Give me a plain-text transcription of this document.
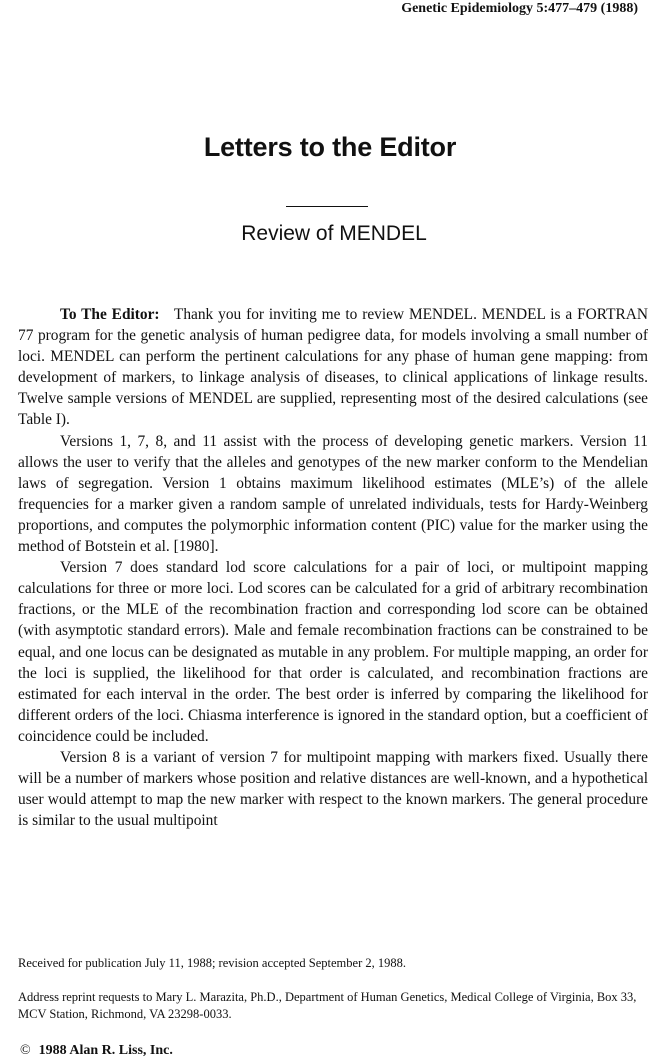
Genetic Epidemiology 5:477–479 (1988)
Letters to the Editor
Review of MENDEL

To The Editor: Thank you for inviting me to review MENDEL. MENDEL is a FORTRAN 77 program for the genetic analysis of human pedigree data, for models involving a small number of loci. MENDEL can perform the pertinent calculations for any phase of human gene mapping: from development of markers, to linkage analysis of diseases, to clinical applications of linkage results. Twelve sample versions of MENDEL are supplied, representing most of the desired calculations (see Table I).

Versions 1, 7, 8, and 11 assist with the process of developing genetic markers. Version 11 allows the user to verify that the alleles and genotypes of the new marker conform to the Mendelian laws of segregation. Version 1 obtains maximum likelihood estimates (MLE’s) of the allele frequencies for a marker given a random sample of unrelated individuals, tests for Hardy-Weinberg proportions, and computes the polymorphic information content (PIC) value for the marker using the method of Botstein et al. [1980].

Version 7 does standard lod score calculations for a pair of loci, or multipoint mapping calculations for three or more loci. Lod scores can be calculated for a grid of arbitrary recombination fractions, or the MLE of the recombination fraction and corresponding lod score can be obtained (with asymptotic standard errors). Male and female recombination fractions can be constrained to be equal, and one locus can be designated as mutable in any problem. For multiple mapping, an order for the loci is supplied, the likelihood for that order is calculated, and recombination fractions are estimated for each interval in the order. The best order is inferred by comparing the likelihood for different orders of the loci. Chiasma interference is ignored in the standard option, but a coefficient of coincidence could be included.

Version 8 is a variant of version 7 for multipoint mapping with markers fixed. Usually there will be a number of markers whose position and relative distances are well-known, and a hypothetical user would attempt to map the new marker with respect to the known markers. The general procedure is similar to the usual multipoint

Received for publication July 11, 1988; revision accepted September 2, 1988.
Address reprint requests to Mary L. Marazita, Ph.D., Department of Human Genetics, Medical College of Virginia, Box 33, MCV Station, Richmond, VA 23298-0033.
© 1988 Alan R. Liss, Inc.
